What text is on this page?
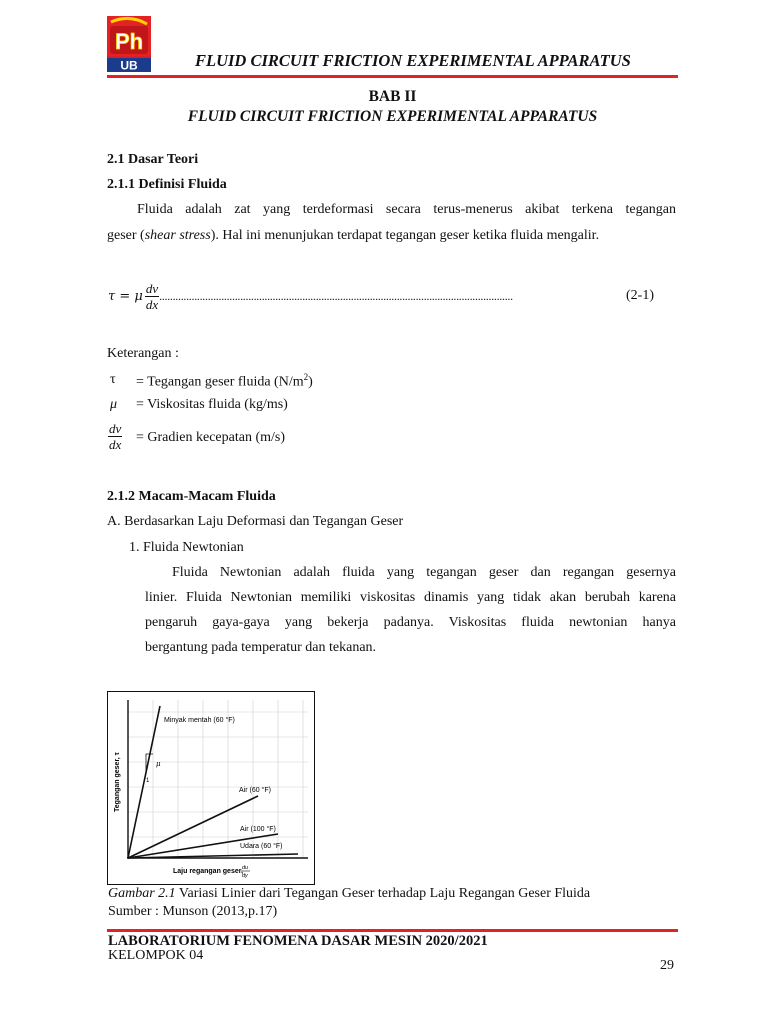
Ph
UB	FLUID CIRCUIT FRICTION EXPERIMENTAL APPARATUS
BAB II
FLUID CIRCUIT FRICTION EXPERIMENTAL APPARATUS
2.1 Dasar Teori
2.1.1 Definisi Fluida
Fluida adalah zat yang terdeformasi secara terus-menerus akibat terkena tegangan
geser (shear stress). Hal ini menunjukan terdapat tegangan geser ketika fluida mengalir.
τ = μ $\frac{dv}{dx}$ ...................................................................................................................................	(2-1)
Keterangan :
τ = Tegangan geser fluida $(N/m^2)$
μ = Viskositas fluida (kg/ms)
$\frac{dv}{dx}$ = Gradien kecepatan (m/s)
2.1.2 Macam-Macam Fluida
A. Berdasarkan Laju Deformasi dan Tegangan Geser
1. Fluida Newtonian
Fluida Newtonian adalah fluida yang tegangan geser dan regangan gesernya
linier. Fluida Newtonian memiliki viskositas dinamis yang tidak akan berubah karena
pengaruh gaya-gaya yang bekerja padanya. Viskositas fluida newtonian hanya
bergantung pada temperatur dan tekanan.
μ
1
Minyak mentah (60 °F)
Air (60 °F)
Air (100 °F)
Udara (60 °F)
Tegangan geser, τ
Laju regangan geser,
du
dy
Gambar 2.1 Variasi Linier dari Tegangan Geser terhadap Laju Regangan Geser Fluida
Sumber : Munson (2013,p.17)
LABORATORIUM FENOMENA DASAR MESIN 2020/2021
KELOMPOK 04
29
